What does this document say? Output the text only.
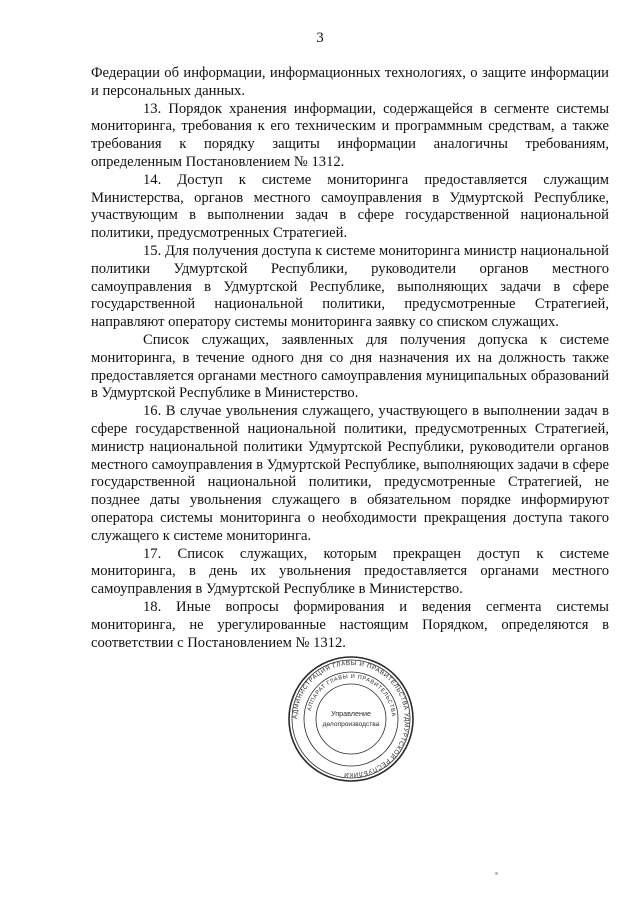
3

Федерации об информации, информационных технологиях, о защите информации и персональных данных.

13. Порядок хранения информации, содержащейся в сегменте системы мониторинга, требования к его техническим и программным средствам, а также требования к порядку защиты информации аналогичны требованиям, определенным Постановлением № 1312.

14. Доступ к системе мониторинга предоставляется служащим Министерства, органов местного самоуправления в Удмуртской Республике, участвующим в выполнении задач в сфере государственной национальной политики, предусмотренных Стратегией.

15. Для получения доступа к системе мониторинга министр национальной политики Удмуртской Республики, руководители органов местного самоуправления в Удмуртской Республике, выполняющих задачи в сфере государственной национальной политики, предусмотренные Стратегией, направляют оператору системы мониторинга заявку со списком служащих.

Список служащих, заявленных для получения допуска к системе мониторинга, в течение одного дня со дня назначения их на должность также предоставляется органами местного самоуправления муниципальных образований в Удмуртской Республике в Министерство.

16. В случае увольнения служащего, участвующего в выполнении задач в сфере государственной национальной политики, предусмотренных Стратегией, министр национальной политики Удмуртской Республики, руководители органов местного самоуправления в Удмуртской Республике, выполняющих задачи в сфере государственной национальной политики, предусмотренные Стратегией, не позднее даты увольнения служащего в обязательном порядке информируют оператора системы мониторинга о необходимости прекращения доступа такого служащего к системе мониторинга.

17. Список служащих, которым прекращен доступ к системе мониторинга, в день их увольнения предоставляется органами местного самоуправления в Удмуртской Республике в Министерство.

18. Иные вопросы формирования и ведения сегмента системы мониторинга, не урегулированные настоящим Порядком, определяются в соответствии с Постановлением № 1312.

АДМИНИСТРАЦИЯ ГЛАВЫ И ПРАВИТЕЛЬСТВА УДМУРТСКОЙ РЕСПУБЛИКИ
АППАРАТ ГЛАВЫ И ПРАВИТЕЛЬСТВА
Управление
делопроизводства
